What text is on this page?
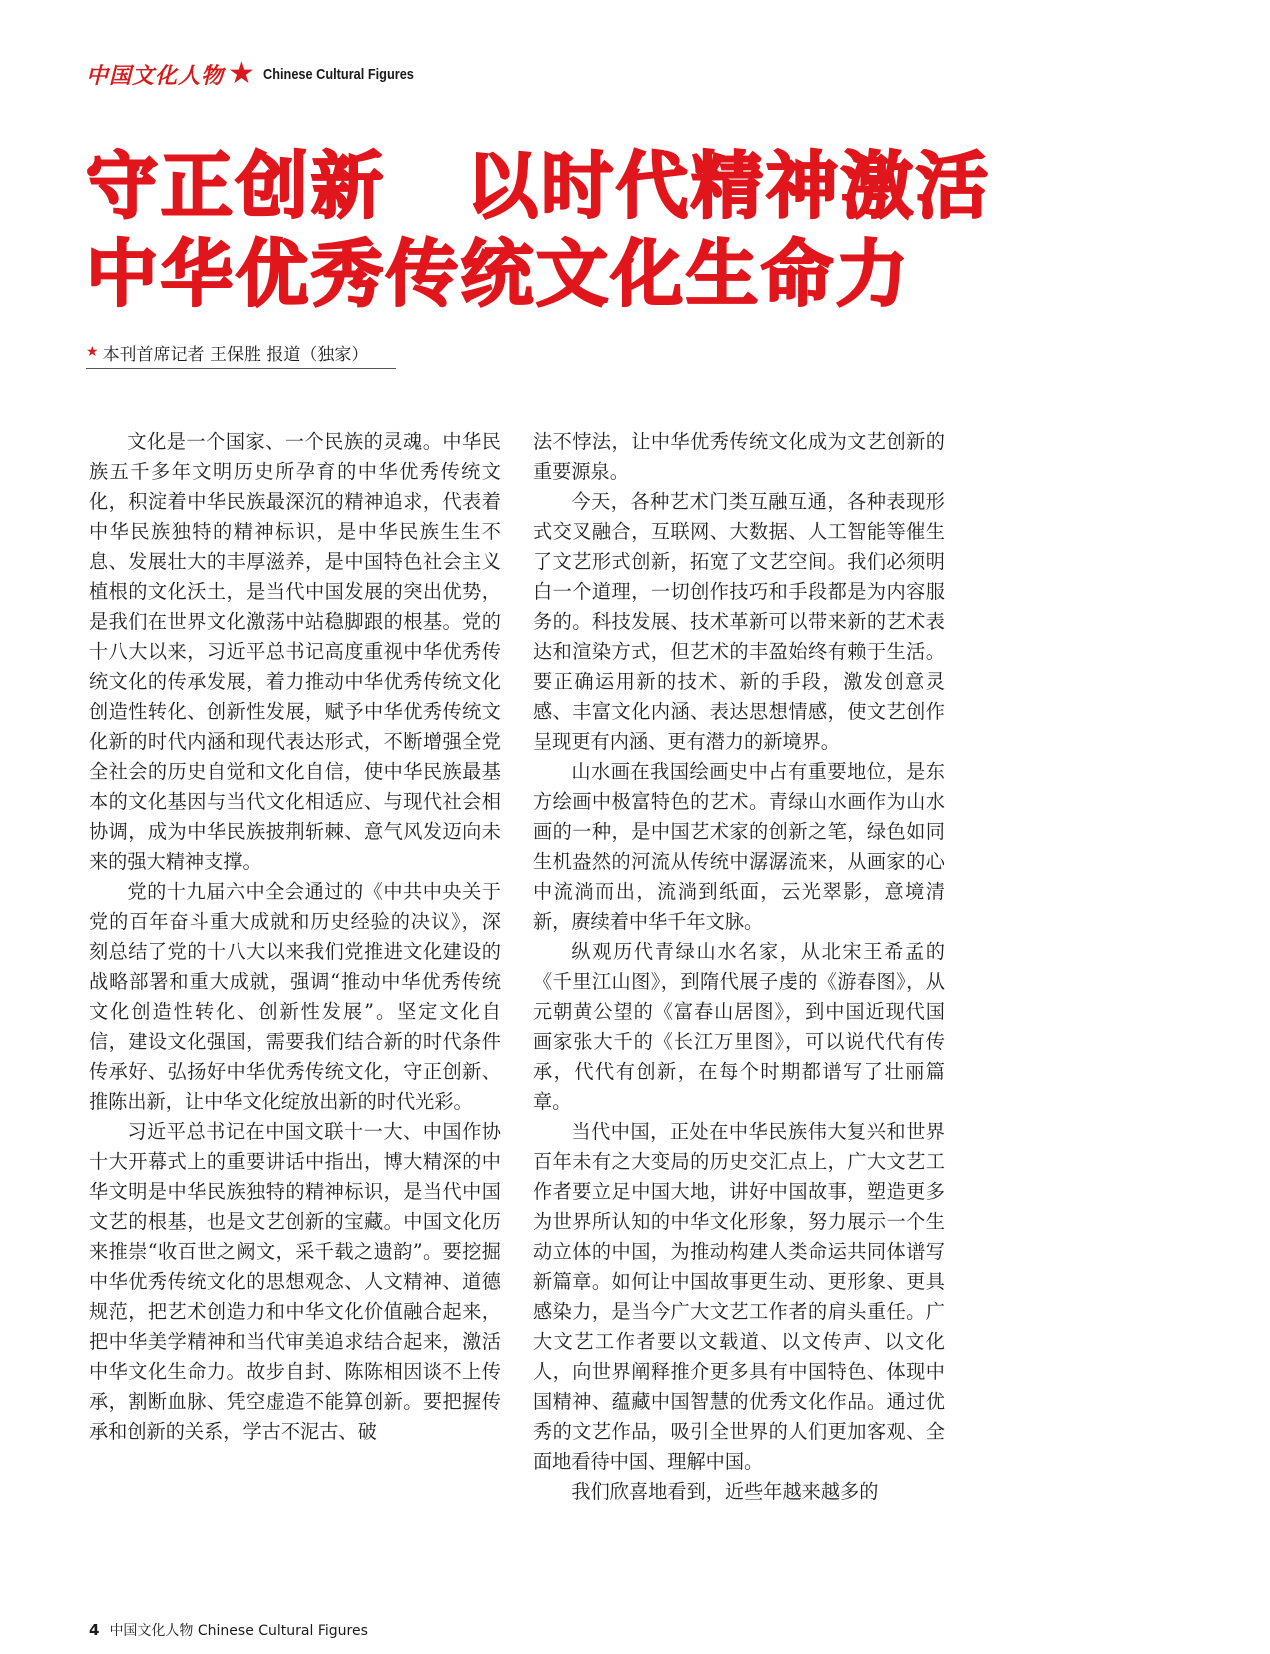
中国文化人物 ★ Chinese Cultural Figures
守正创新 以时代精神激活
中华优秀传统文化生命力
★ 本刊首席记者 王保胜 报道（独家）

文化是一个国家、一个民族的灵魂。中华民族五千多年文明历史所孕育的中华优秀传统文化，积淀着中华民族最深沉的精神追求，代表着中华民族独特的精神标识，是中华民族生生不息、发展壮大的丰厚滋养，是中国特色社会主义植根的文化沃土，是当代中国发展的突出优势，是我们在世界文化激荡中站稳脚跟的根基。党的十八大以来，习近平总书记高度重视中华优秀传统文化的传承发展，着力推动中华优秀传统文化创造性转化、创新性发展，赋予中华优秀传统文化新的时代内涵和现代表达形式，不断增强全党全社会的历史自觉和文化自信，使中华民族最基本的文化基因与当代文化相适应、与现代社会相协调，成为中华民族披荆斩棘、意气风发迈向未来的强大精神支撑。

党的十九届六中全会通过的《中共中央关于党的百年奋斗重大成就和历史经验的决议》，深刻总结了党的十八大以来我们党推进文化建设的战略部署和重大成就，强调“推动中华优秀传统文化创造性转化、创新性发展”。坚定文化自信，建设文化强国，需要我们结合新的时代条件传承好、弘扬好中华优秀传统文化，守正创新、推陈出新，让中华文化绽放出新的时代光彩。

习近平总书记在中国文联十一大、中国作协十大开幕式上的重要讲话中指出，博大精深的中华文明是中华民族独特的精神标识，是当代中国文艺的根基，也是文艺创新的宝藏。中国文化历来推崇“收百世之阙文，采千载之遗韵”。要挖掘中华优秀传统文化的思想观念、人文精神、道德规范，把艺术创造力和中华文化价值融合起来，把中华美学精神和当代审美追求结合起来，激活中华文化生命力。故步自封、陈陈相因谈不上传承，割断血脉、凭空虚造不能算创新。要把握传承和创新的关系，学古不泥古、破

法不悖法，让中华优秀传统文化成为文艺创新的重要源泉。

今天，各种艺术门类互融互通，各种表现形式交叉融合，互联网、大数据、人工智能等催生了文艺形式创新，拓宽了文艺空间。我们必须明白一个道理，一切创作技巧和手段都是为内容服务的。科技发展、技术革新可以带来新的艺术表达和渲染方式，但艺术的丰盈始终有赖于生活。要正确运用新的技术、新的手段，激发创意灵感、丰富文化内涵、表达思想情感，使文艺创作呈现更有内涵、更有潜力的新境界。

山水画在我国绘画史中占有重要地位，是东方绘画中极富特色的艺术。青绿山水画作为山水画的一种，是中国艺术家的创新之笔，绿色如同生机盎然的河流从传统中潺潺流来，从画家的心中流淌而出，流淌到纸面，云光翠影，意境清新，赓续着中华千年文脉。

纵观历代青绿山水名家，从北宋王希孟的《千里江山图》，到隋代展子虔的《游春图》，从元朝黄公望的《富春山居图》，到中国近现代国画家张大千的《长江万里图》，可以说代代有传承，代代有创新，在每个时期都谱写了壮丽篇章。

当代中国，正处在中华民族伟大复兴和世界百年未有之大变局的历史交汇点上，广大文艺工作者要立足中国大地，讲好中国故事，塑造更多为世界所认知的中华文化形象，努力展示一个生动立体的中国，为推动构建人类命运共同体谱写新篇章。如何让中国故事更生动、更形象、更具感染力，是当今广大文艺工作者的肩头重任。广大文艺工作者要以文载道、以文传声、以文化人，向世界阐释推介更多具有中国特色、体现中国精神、蕴藏中国智慧的优秀文化作品。通过优秀的文艺作品，吸引全世界的人们更加客观、全面地看待中国、理解中国。

我们欣喜地看到，近些年越来越多的

4 中国文化人物 Chinese Cultural Figures
